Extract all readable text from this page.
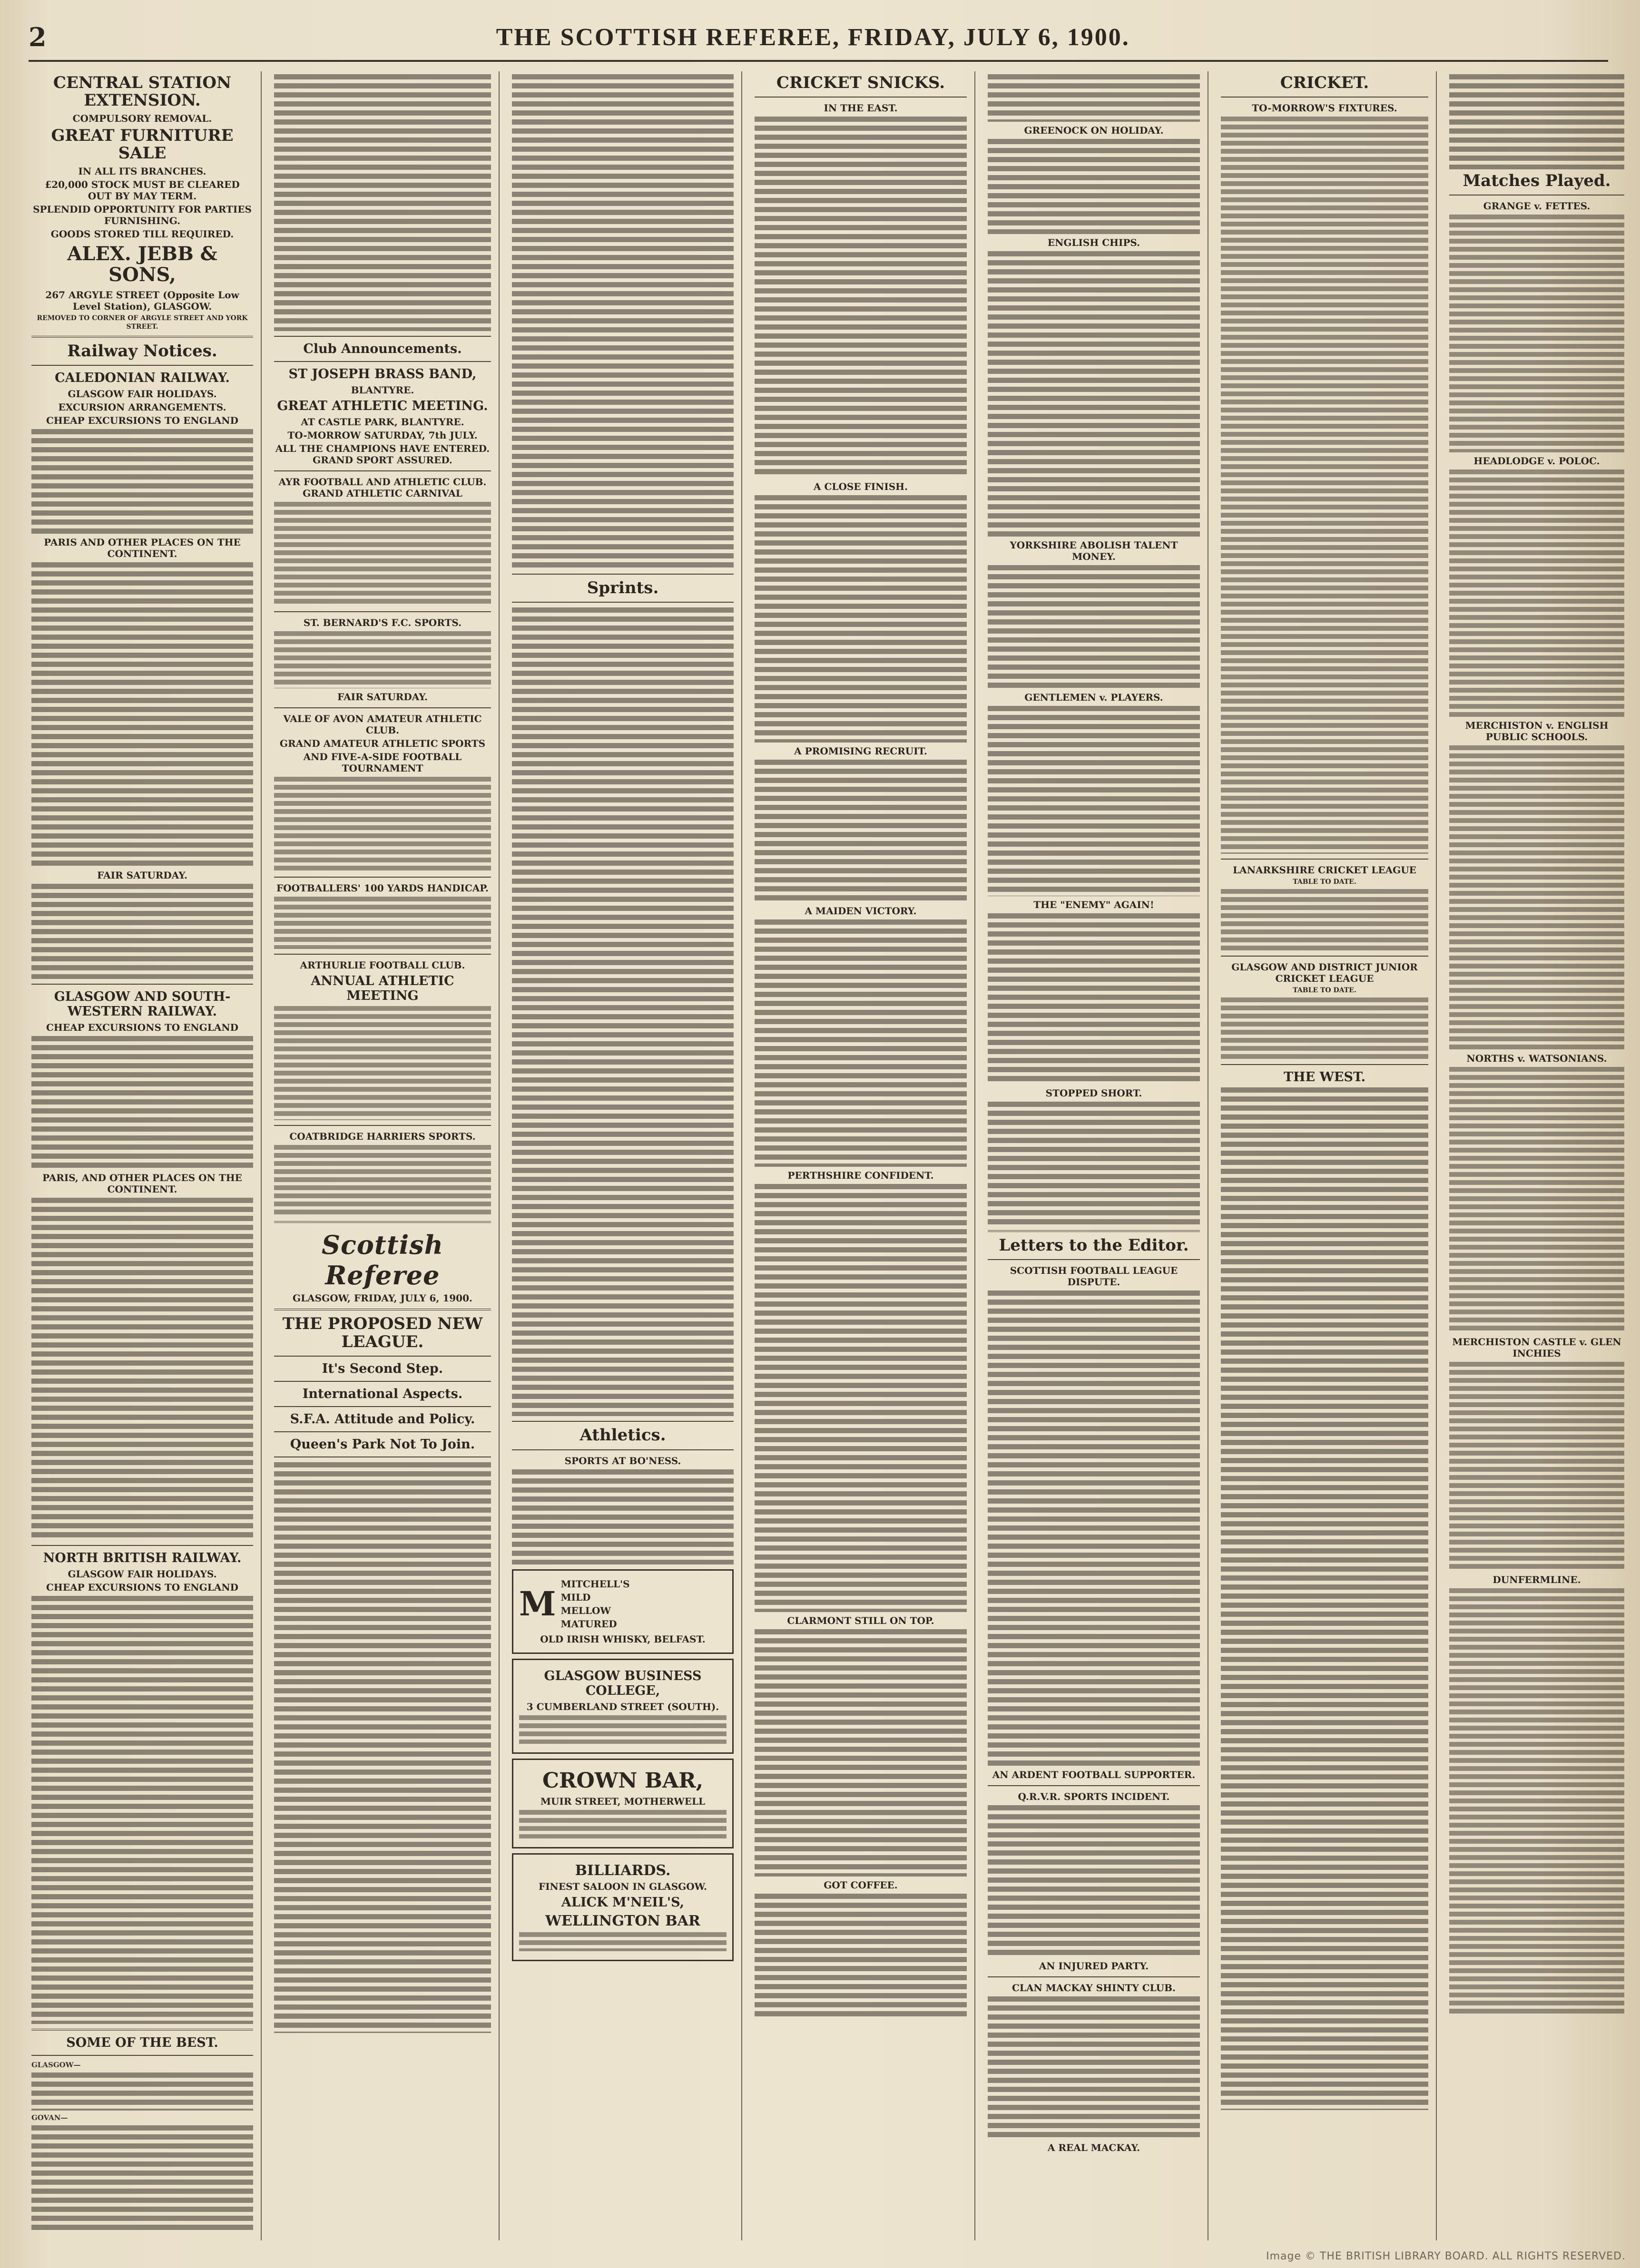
2	THE SCOTTISH REFEREE, FRIDAY, JULY 6, 1900.
CENTRAL STATION EXTENSION.
COMPULSORY REMOVAL.
GREAT FURNITURE SALE
IN ALL ITS BRANCHES.
£20,000 STOCK MUST BE CLEARED OUT BY MAY TERM.
SPLENDID OPPORTUNITY FOR PARTIES FURNISHING.
GOODS STORED TILL REQUIRED.
ALEX. JEBB & SONS,
267 ARGYLE STREET (Opposite Low Level Station), GLASGOW.
REMOVED TO CORNER OF ARGYLE STREET AND YORK STREET.
Railway Notices.
CALEDONIAN RAILWAY.
GLASGOW FAIR HOLIDAYS.
EXCURSION ARRANGEMENTS.
CHEAP EXCURSIONS TO ENGLAND
PARIS AND OTHER PLACES ON THE CONTINENT.
FAIR SATURDAY.
GLASGOW AND SOUTH-WESTERN RAILWAY.
CHEAP EXCURSIONS TO ENGLAND
PARIS, AND OTHER PLACES ON THE CONTINENT.
NORTH BRITISH RAILWAY.
GLASGOW FAIR HOLIDAYS.
CHEAP EXCURSIONS TO ENGLAND
SOME OF THE BEST.
GLASGOW—
GOVAN—
Club Announcements.
ST JOSEPH BRASS BAND,
BLANTYRE.
GREAT ATHLETIC MEETING.
AT CASTLE PARK, BLANTYRE.
TO-MORROW SATURDAY, 7th JULY.
ALL THE CHAMPIONS HAVE ENTERED. GRAND SPORT ASSURED.
AYR FOOTBALL AND ATHLETIC CLUB. GRAND ATHLETIC CARNIVAL
ST. BERNARD'S F.C. SPORTS.
FAIR SATURDAY.
VALE OF AVON AMATEUR ATHLETIC CLUB.
GRAND AMATEUR ATHLETIC SPORTS
AND FIVE-A-SIDE FOOTBALL TOURNAMENT
FOOTBALLERS' 100 YARDS HANDICAP.
ARTHURLIE FOOTBALL CLUB.
ANNUAL ATHLETIC MEETING
COATBRIDGE HARRIERS SPORTS.
Scottish Referee
GLASGOW, FRIDAY, JULY 6, 1900.
THE PROPOSED NEW LEAGUE.
It's Second Step.
International Aspects.
S.F.A. Attitude and Policy.
Queen's Park Not To Join.
Sprints.
Athletics.
SPORTS AT BO'NESS.
M
MITCHELL'S
MILD
MELLOW
MATURED
OLD IRISH WHISKY, BELFAST.
GLASGOW BUSINESS COLLEGE,
3 CUMBERLAND STREET (SOUTH).
CROWN BAR,
MUIR STREET, MOTHERWELL
BILLIARDS.
FINEST SALOON IN GLASGOW.
ALICK M'NEIL'S,
WELLINGTON BAR
CRICKET SNICKS.
IN THE EAST.
A CLOSE FINISH.
A PROMISING RECRUIT.
A MAIDEN VICTORY.
PERTHSHIRE CONFIDENT.
CLARMONT STILL ON TOP.
GOT COFFEE.
GREENOCK ON HOLIDAY.
ENGLISH CHIPS.
YORKSHIRE ABOLISH TALENT MONEY.
GENTLEMEN v. PLAYERS.
THE "ENEMY" AGAIN!
STOPPED SHORT.
Letters to the Editor.
SCOTTISH FOOTBALL LEAGUE DISPUTE.
AN ARDENT FOOTBALL SUPPORTER.
Q.R.V.R. SPORTS INCIDENT.
AN INJURED PARTY.
CLAN MACKAY SHINTY CLUB.
A REAL MACKAY.
CRICKET.
TO-MORROW'S FIXTURES.
LANARKSHIRE CRICKET LEAGUE
TABLE TO DATE.
GLASGOW AND DISTRICT JUNIOR CRICKET LEAGUE
TABLE TO DATE.
THE WEST.
Matches Played.
GRANGE v. FETTES.
HEADLODGE v. POLOC.
MERCHISTON v. ENGLISH PUBLIC SCHOOLS.
NORTHS v. WATSONIANS.
MERCHISTON CASTLE v. GLEN INCHIES
DUNFERMLINE.
Image © THE BRITISH LIBRARY BOARD. ALL RIGHTS RESERVED.
